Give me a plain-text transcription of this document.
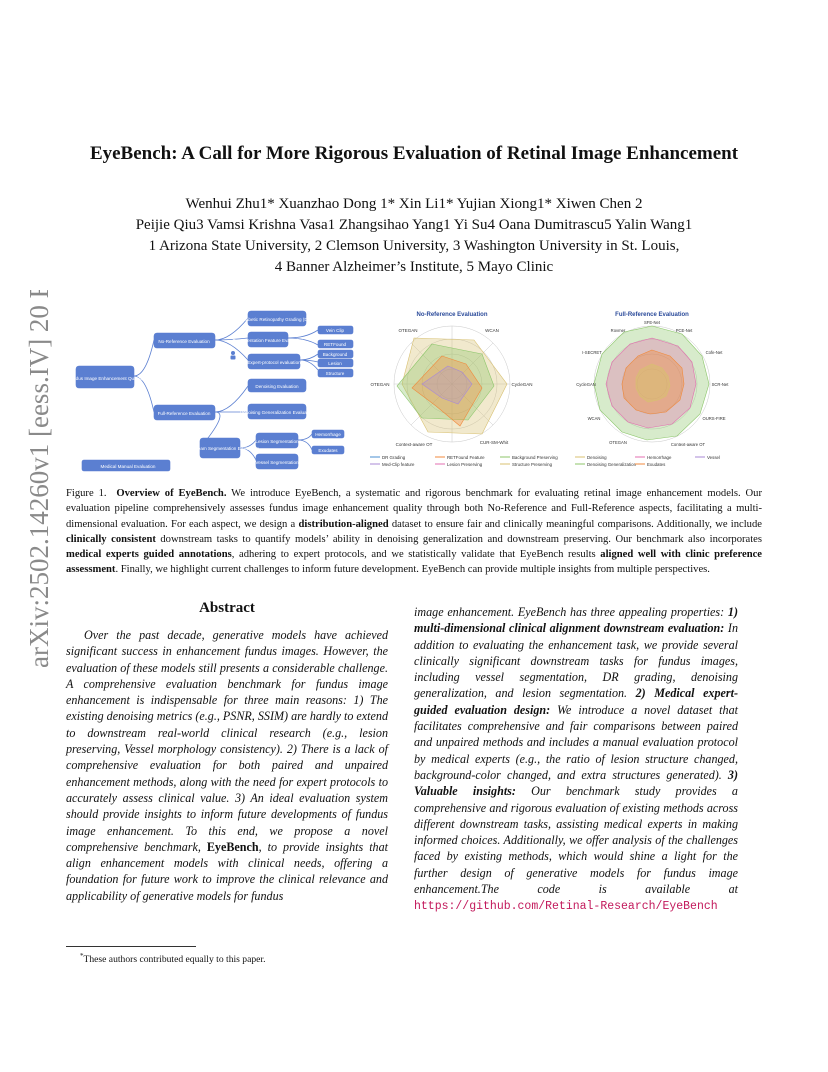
arXiv:2502.14260v1 [eess.IV] 20 Feb 2025
EyeBench: A Call for More Rigorous Evaluation of Retinal Image Enhancement
Wenhui Zhu1* Xuanzhao Dong 1* Xin Li1* Yujian Xiong1* Xiwen Chen 2
Peijie Qiu3 Vamsi Krishna Vasa1 Zhangsihao Yang1 Yi Su4 Oana Dumitrascu5 Yalin Wang1
1 Arizona State University, 2 Clemson University, 3 Washington University in St. Louis,
4 Banner Alzheimer’s Institute, 5 Mayo Clinic
Fundus Image Enhancement Quality
No-Reference Evaluation
Full-Reference Evaluation
Diabetic Retinopathy Grading (DR)
Representation Feature Evaluation
Expert-protocol evaluation
Denoising Evaluation
Denoising Generalization Evaluation
Downstream Segmentation Evaluation
Lesion Segmentation
Vessel Segmentation
Vein Clip
RETFound
Background
Lesion
Structure
Hemorrhage
Exudates
Medical Manual Evaluation
No-Reference Evaluation
OTEGAN	WCAN
CycleGAN
CUR-SM-Whit
Context-aware OT
OTEGAN
Full-Reference Evaluation
SFE-Net
PCE-Net
Cofe-Net
SCR-Net
OURS-FIRE
Context-aware OT
OTEGAN
WCAN
CycleGAN
I-SECRET
Rovmer
DR Grading	RETFound Feature	Background Preserving	Denoising	Hemorrhage	Vessel
Med-Clip feature	Lesion Preserving	Structure Preserving	Denoising Generalization Exudates
Figure 1. Overview of EyeBench. We introduce EyeBench, a systematic and rigorous benchmark for evaluating retinal image enhancement models. Our evaluation pipeline comprehensively assesses fundus image enhancement quality through both No-Reference and Full-Reference aspects, facilitating a multi-dimensional evaluation. For each aspect, we design a distribution-aligned dataset to ensure fair and clinically meaningful comparisons. Additionally, we include clinically consistent downstream tasks to quantify models’ ability in denoising generalization and downstream preserving. Our benchmark also incorporates medical experts guided annotations, adhering to expert protocols, and we statistically validate that EyeBench results aligned well with clinic preference assessment. Finally, we highlight current challenges to inform future development. EyeBench can provide multiple insights from multiple perspectives.
Abstract
Over the past decade, generative models have achieved significant success in enhancement fundus images. However, the evaluation of these models still presents a considerable challenge. A comprehensive evaluation benchmark for fundus image enhancement is indispensable for three main reasons: 1) The existing denoising metrics (e.g., PSNR, SSIM) are hardly to extend to downstream real-world clinical research (e.g., lesion preserving, Vessel morphology consistency). 2) There is a lack of comprehensive evaluation for both paired and unpaired enhancement methods, along with the need for expert protocols to accurately assess clinical value. 3) An ideal evaluation system should provide insights to inform future developments of fundus image enhancement. To this end, we propose a novel comprehensive benchmark, EyeBench, to provide insights that align enhancement models with clinical needs, offering a foundation for future work to improve the clinical relevance and applicability of generative models for fundus
image enhancement. EyeBench has three appealing properties: 1) multi-dimensional clinical alignment downstream evaluation: In addition to evaluating the enhancement task, we provide several clinically significant downstream tasks for fundus images, including vessel segmentation, DR grading, denoising generalization, and lesion segmentation. 2) Medical expert-guided evaluation design: We introduce a novel dataset that facilitates comprehensive and fair comparisons between paired and unpaired methods and includes a manual evaluation protocol by medical experts (e.g., the ratio of lesion structure changed, background-color changed, and extra structures generated). 3) Valuable insights: Our benchmark study provides a comprehensive and rigorous evaluation of existing methods across different downstream tasks, assisting medical experts in making informed choices. Additionally, we offer analysis of the challenges faced by existing methods, which would shine a light for the further design of generative models for fundus image enhancement.The code is available at https://github.com/Retinal-Research/EyeBench
*These authors contributed equally to this paper.
